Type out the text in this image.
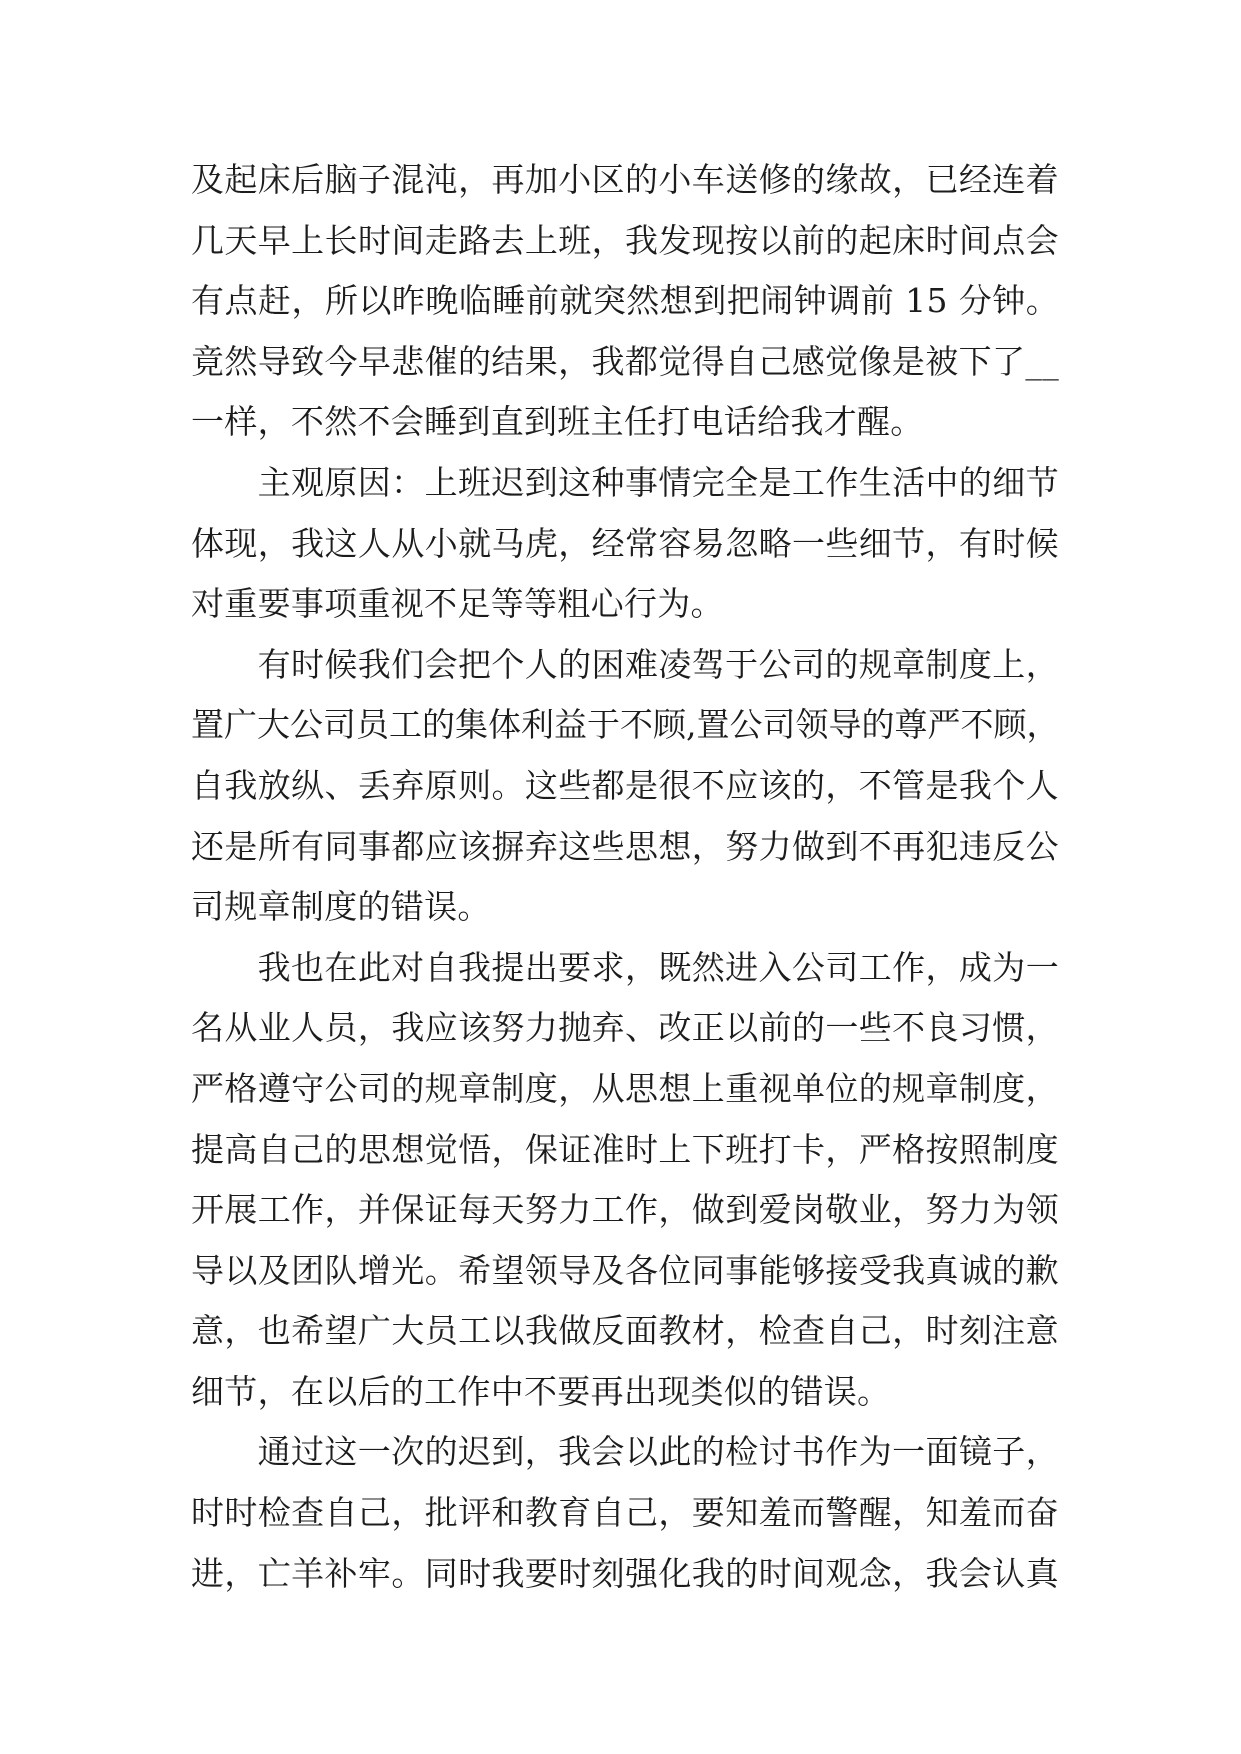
及起床后脑子混沌，再加小区的小车送修的缘故，已经连着
几天早上长时间走路去上班，我发现按以前的起床时间点会
有点赶，所以昨晚临睡前就突然想到把闹钟调前 15 分钟。
竟然导致今早悲催的结果，我都觉得自己感觉像是被下了__
一样，不然不会睡到直到班主任打电话给我才醒。
主观原因：上班迟到这种事情完全是工作生活中的细节
体现，我这人从小就马虎，经常容易忽略一些细节，有时候
对重要事项重视不足等等粗心行为。
有时候我们会把个人的困难凌驾于公司的规章制度上，
置广大公司员工的集体利益于不顾,置公司领导的尊严不顾，
自我放纵、丢弃原则。这些都是很不应该的，不管是我个人
还是所有同事都应该摒弃这些思想，努力做到不再犯违反公
司规章制度的错误。
我也在此对自我提出要求，既然进入公司工作，成为一
名从业人员，我应该努力抛弃、改正以前的一些不良习惯，
严格遵守公司的规章制度，从思想上重视单位的规章制度，
提高自己的思想觉悟，保证准时上下班打卡，严格按照制度
开展工作，并保证每天努力工作，做到爱岗敬业，努力为领
导以及团队增光。希望领导及各位同事能够接受我真诚的歉
意，也希望广大员工以我做反面教材，检查自己，时刻注意
细节，在以后的工作中不要再出现类似的错误。
通过这一次的迟到，我会以此的检讨书作为一面镜子，
时时检查自己，批评和教育自己，要知羞而警醒，知羞而奋
进，亡羊补牢。同时我要时刻强化我的时间观念，我会认真
